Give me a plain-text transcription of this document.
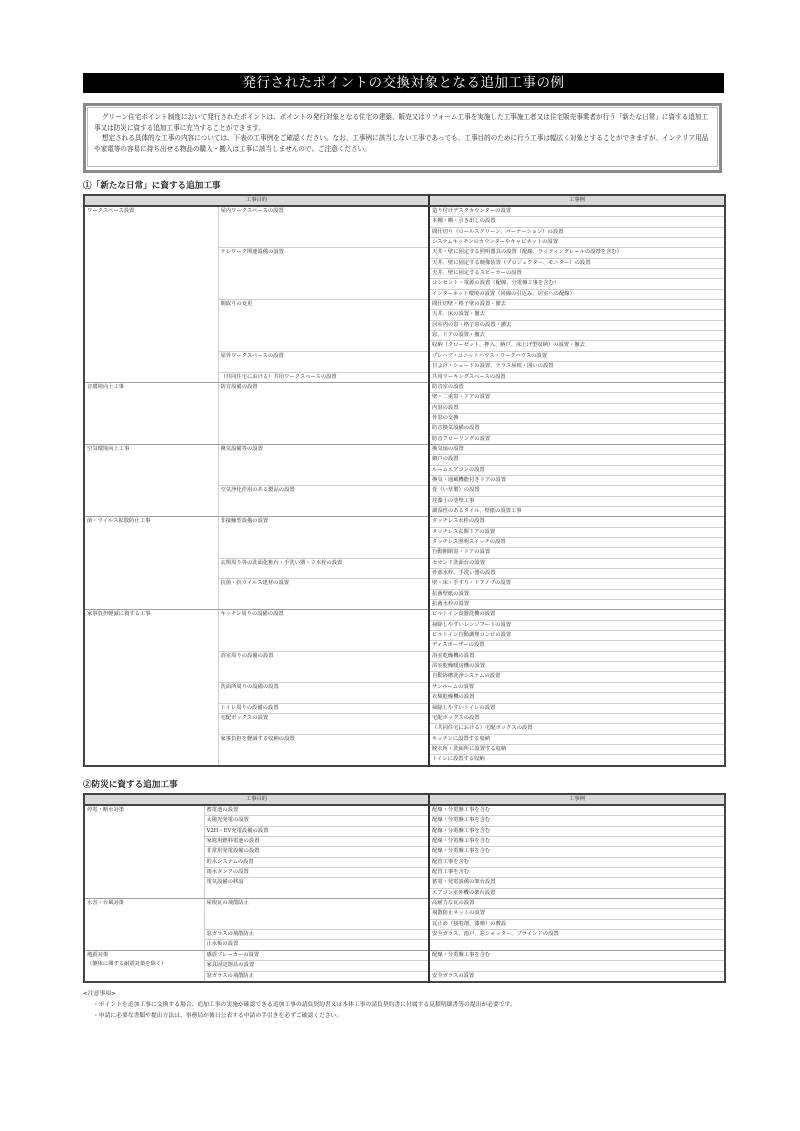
発行されたポイントの交換対象となる追加工事の例

グリーン住宅ポイント制度において発行されたポイントは、ポイントの発行対象となる住宅の建築、販売又はリフォーム工事を実施した工事施工者又は住宅販売事業者が行う「新たな日常」に資する追加工事又は防災に資する追加工事に充当することができます。

想定される具体的な工事の内容については、下表の工事例をご確認ください。なお、工事例に該当しない工事であっても、工事目的のために行う工事は幅広く対象とすることができますが、インテリア用品や家電等の容易に持ち出せる物品の購入・搬入は工事に該当しませんので、ご注意ください。

①「新たな日常」に資する追加工事
工事目的		工事例

ワークスペース設置	屋内ワークスペースの設置	造り付けデスクカウンターの設置
		本棚・棚・引き出しの設置
		間仕切り（ロールスクリーン、パーテーション）の設置
		システムキッチンのカウンターやキャビネットの設置
	テレワーク関連設備の設置	天井・壁に固定する照明器具の設置（配線、ライティングレールの設置を含む）
		天井、壁に固定する映像装置（プロジェクター、モニター）の設置
		天井、壁に固定するスピーカーの設置
		コンセント・電源の設置（配線、分電盤工事を含む）
		インターネット環境の設置（回線の引込み、居室への配線）
	間取りの変更	間仕切壁・格子壁の設置・撤去
		天井、床の設置・撤去
		居室内の窓・格子窓の設置・撤去
		窓、ドアの設置・撤去
		収納（クローゼット、押入、納戸、床上げ型収納）の設置・撤去
	屋外ワークスペースの設置	プレハブ・ユニットハウス・ワークハウスの設置
		日よけ・シェードの設置、テラス屋根・囲いの設置
	（共同住宅における）共用ワークスペースの設置	共用ワーキングスペースの設置

音環境向上工事	防音設備の設置	防音室の設置
		壁・二重窓・ドアの設置
		内窓の設置
		外窓の交換
		防音換気設備の設置
		防音フローリングの設置

空気環境向上工事	換気設備等の設置	換気扇の設置
		網戸の設置
		ルームエアコンの設置
		換気・通風機能付きドアの設置
	空気浄化作用のある製品の設置	畳（い草製）の設置
		珪藻土の塗壁工事
		調湿性のあるタイル、壁紙の設置工事

菌・ウイルス拡散防止工事	非接触型設備の設置	タッチレス水栓の設置
		タッチレス玄関ドアの設置
		タッチレス照明スイッチの設置
		自動開閉窓・ドアの設置
	玄関周り等の洗面化粧台・手洗い器・立水栓の設置	セカンド洗面台の設置
		外部水栓、手洗い器の設置
	抗菌・抗ウイルス建材の設置	壁・床・手すり・ドアノブの設置
		抗菌壁紙の設置
		抗菌水栓の設置

家事負担軽減に資する工事	キッチン周りの設備の設置	ビルトイン食器洗機の設置
		掃除しやすいレンジフードの設置
		ビルトイン自動調理コンロの設置
		ディスポーザーの設置
	浴室周りの設備の設置	浴室乾燥機の設置
		浴室乾燥暖房機の設置
		自動浴槽洗浄システムの設置
	洗面所周りの設備の設置	サンルームの設置
		衣類乾燥機の設置
	トイレ周りの設備の設置	掃除しやすいトイレの設置
	宅配ボックスの設置	宅配ボックスの設置
		（共同住宅における）宅配ボックスの設置
	家事負担を軽減する収納の設置	キッチンに設置する収納
		脱衣所・洗面所に設置する収納
		トイレに設置する収納
②防災に資する追加工事
工事目的		工事例

停電・断水対策	蓄電池の設置	配線・分電盤工事を含む
	太陽光発電の設置	配線・分電盤工事を含む
	V2H・EV充電設備の設置	配線・分電盤工事を含む
	家庭用燃料電池の設置	配線・分電盤工事を含む
	非常用発電設備の設置	配線・分電盤工事を含む
	貯水システムの設置	配管工事を含む
	雨水タンクの設置	配管工事を含む
	電気設備の移設	蓄電・発電設備の架台設置
		エアコン室外機の架台設置

水害・台風対策	屋根瓦の飛散防止	高耐力な瓦の設置
		飛散防止ネットの設置
		瓦止め（接着剤、漆喰）の敷設
	窓ガラスの飛散防止	安全ガラス、雨戸、窓シャッター、ブラインドの設置
	止水板の設置	

地震対策
（躯体に関する耐震対策を除く）	感震ブレーカーの設置	配線・分電盤工事を含む
	家具固定器具の設置	
	窓ガラスの飛散防止	安全ガラスの設置
<注意事項>
・ポイントを追加工事に交換する場合、追加工事の実施が確認できる追加工事の請負契約書又は本体工事の請負契約書に付属する見積明細書等の提出が必要です。
・申請に必要な書類や提出方法は、事務局が後日公表する申請の手引きを必ずご確認ください。
